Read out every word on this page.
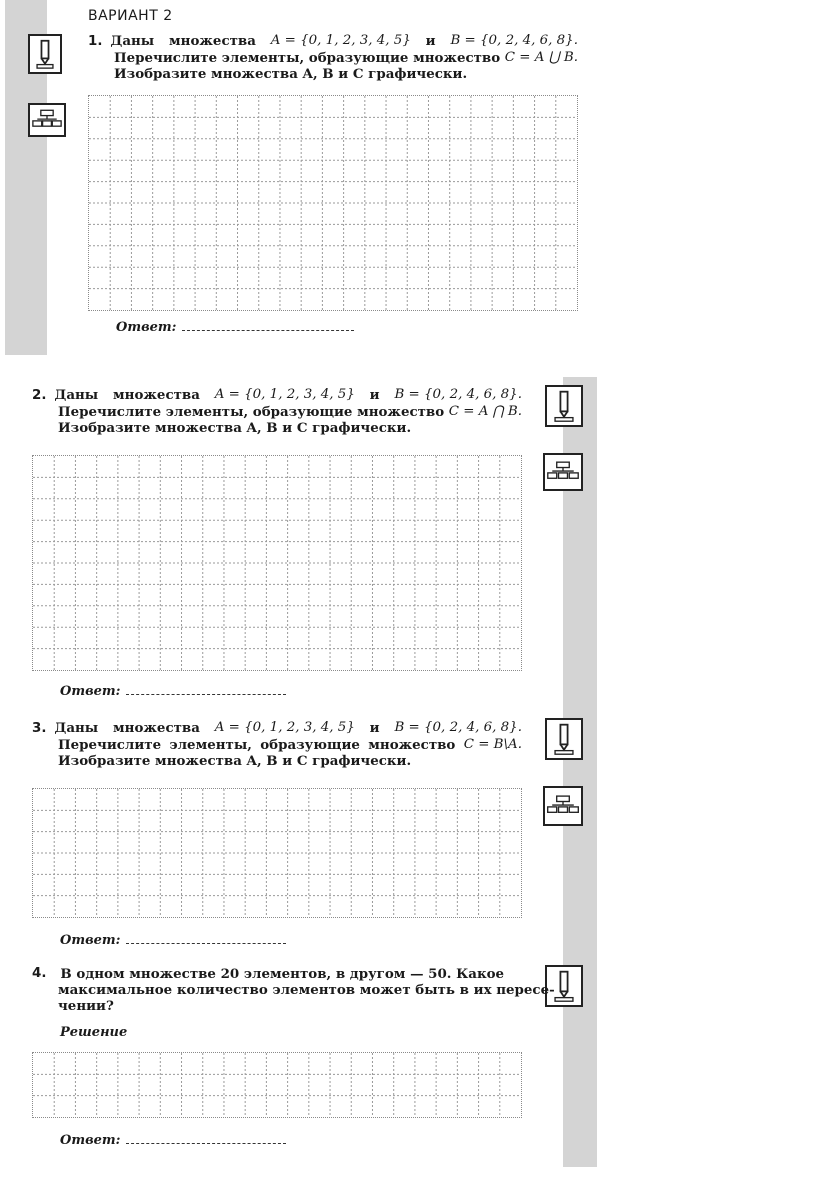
ВАРИАНТ 2
1. Даны множества A = {0, 1, 2, 3, 4, 5} и B = {0, 2, 4, 6, 8}.
Перечислите элементы, образующие множество C = A ⋃ B.
Изобразите множества A, B и C графически.
Ответ:
2. Даны множества A = {0, 1, 2, 3, 4, 5} и B = {0, 2, 4, 6, 8}.
Перечислите элементы, образующие множество C = A ⋂ B.
Изобразите множества A, B и C графически.
Ответ:
3. Даны множества A = {0, 1, 2, 3, 4, 5} и B = {0, 2, 4, 6, 8}.
Перечислите элементы, образующие множество C = B\A.
Изобразите множества A, B и C графически.
Ответ:
4. В одном множестве 20 элементов, в другом — 50. Какое
максимальное количество элементов может быть в их пересе-
чении?
Решение
Ответ:
